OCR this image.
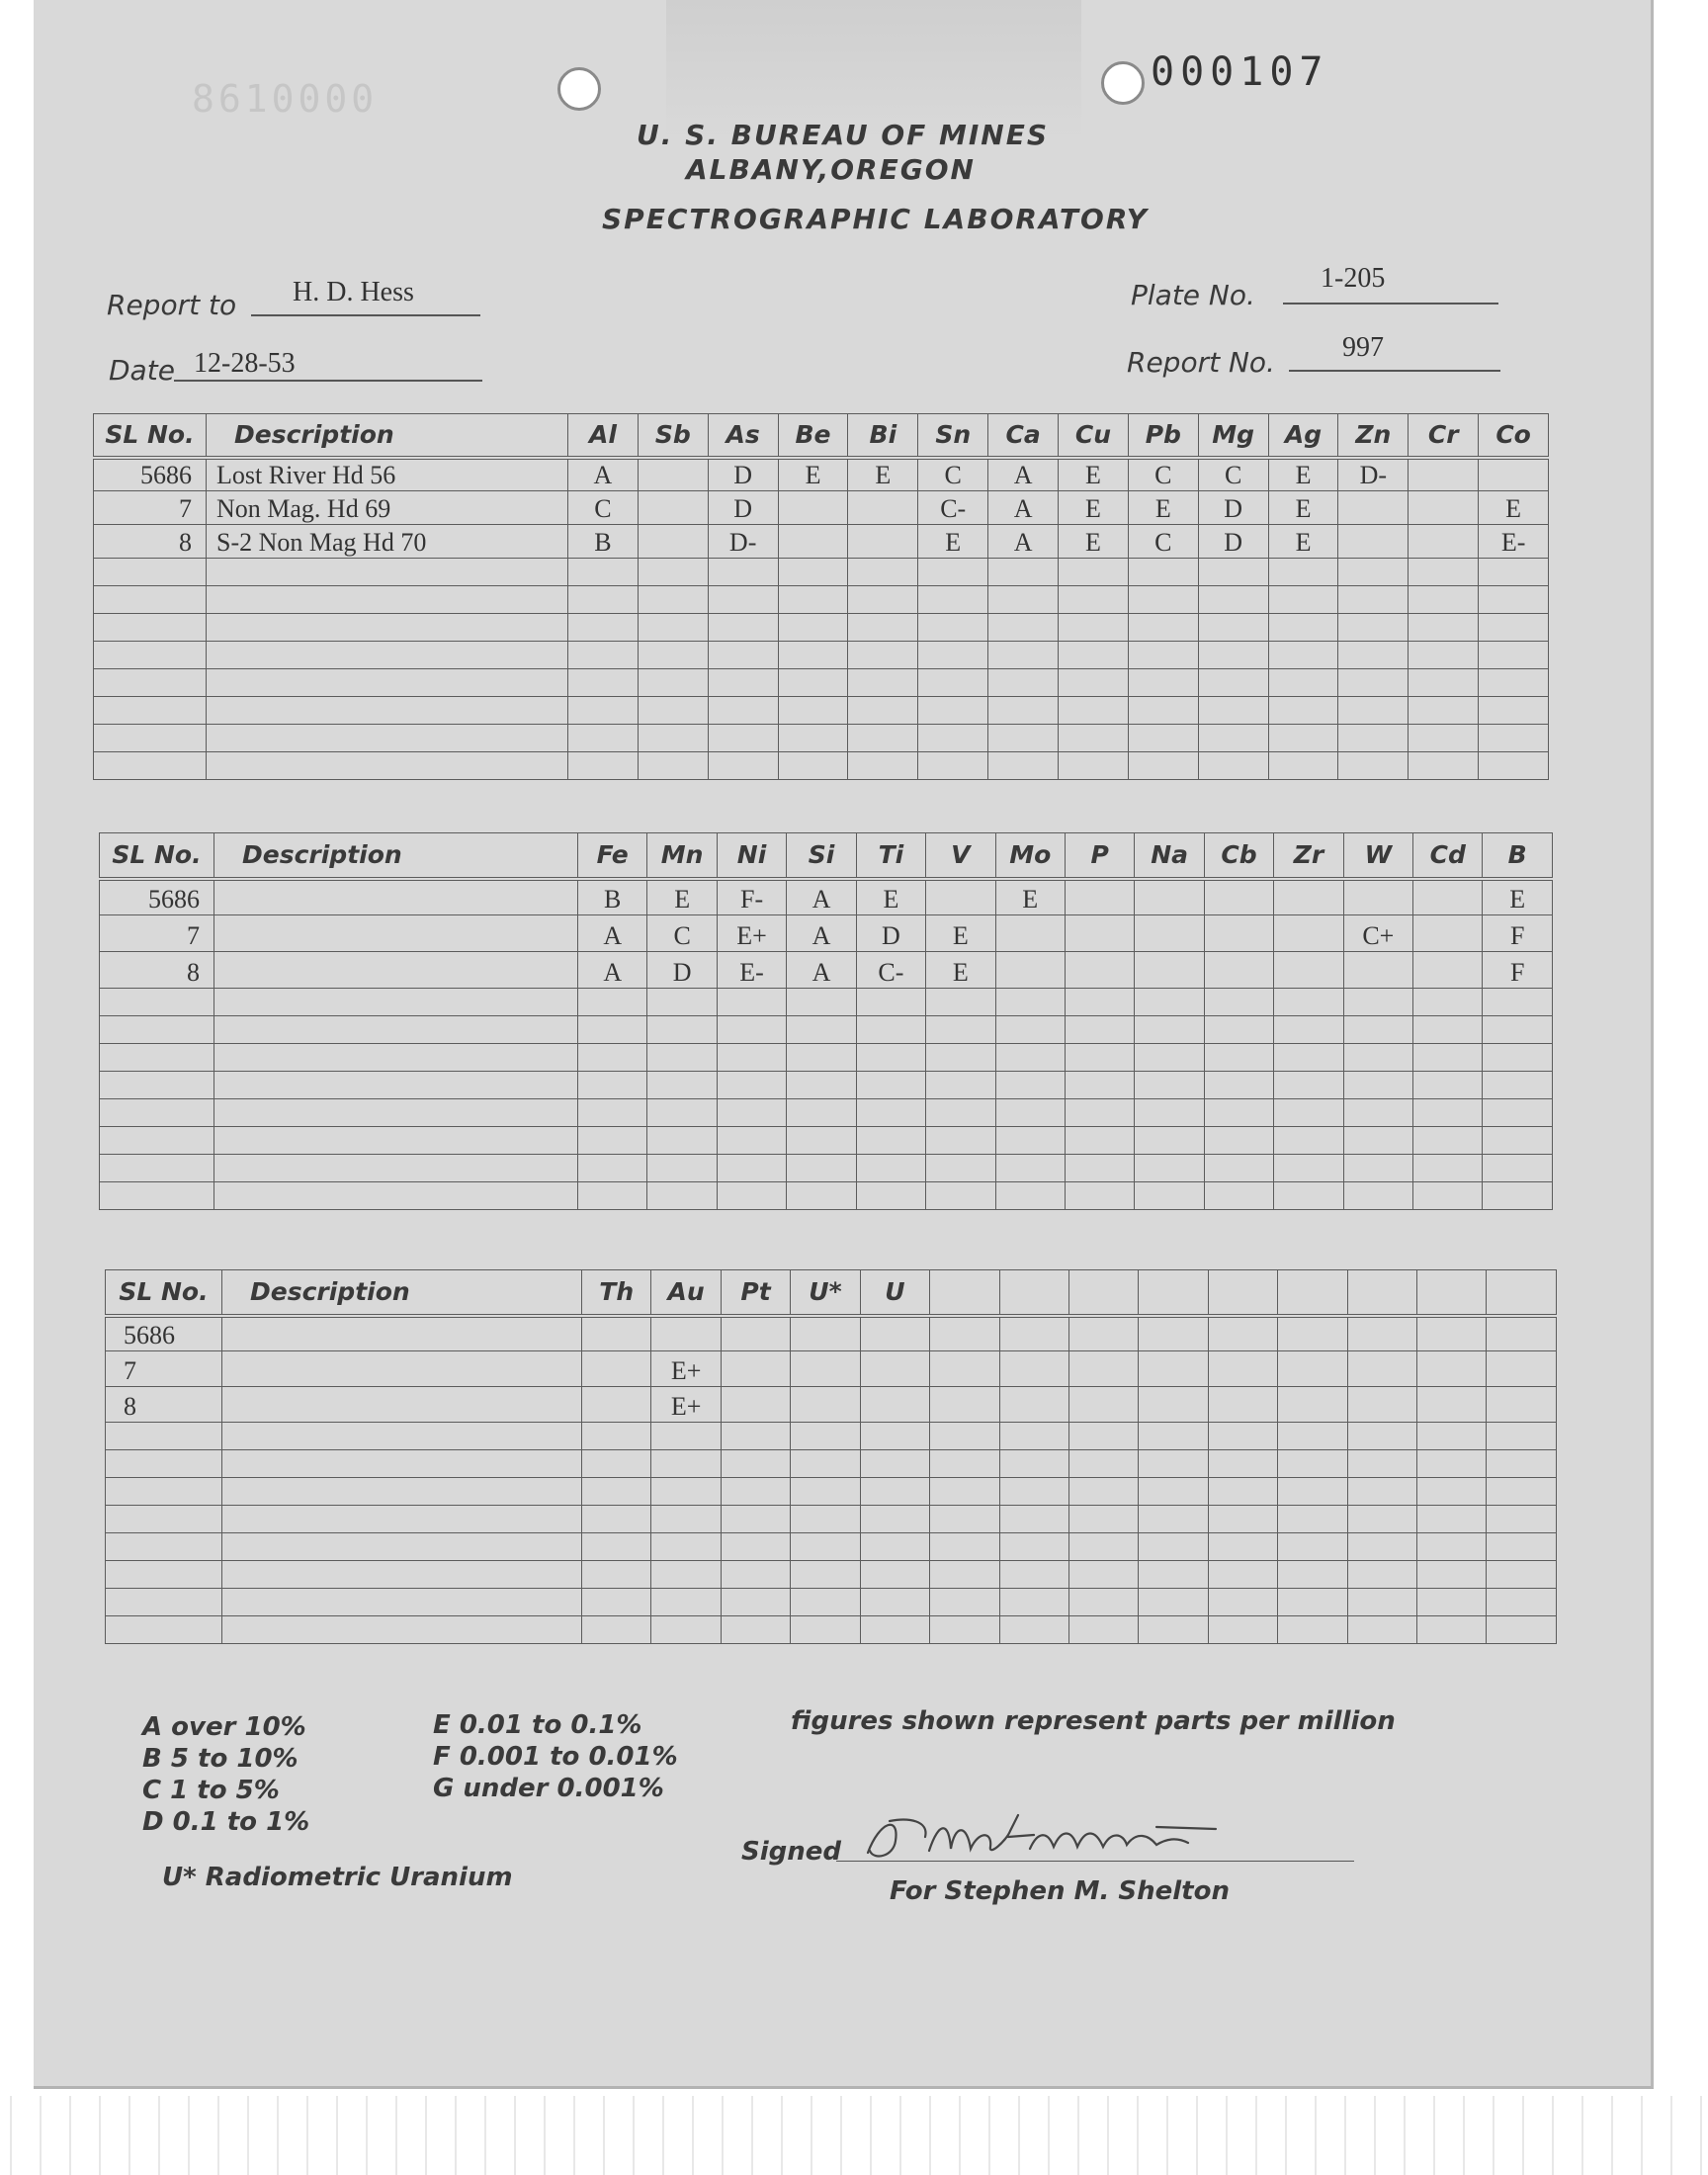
8610000
000107
U. S. BUREAU OF MINES
ALBANY,OREGON
SPECTROGRAPHIC LABORATORY
Report to H. D. Hess
Date 12-28-53
Plate No.
1-205
Report No. 997
SL No.	Description	Al	Sb	As	Be	Bi	Sn	Ca	Cu	Pb	Mg	Ag	Zn	Cr	Co
5686	Lost River Hd 56	A		D	E	E	C	A	E	C	C	E	D-		
7	Non Mag. Hd 69	C		D			C-	A	E	E	D	E			E
8	S-2 Non Mag Hd 70	B		D-			E	A	E	C	D	E			E-

SL No.	Description	Fe	Mn	Ni	Si	Ti	V	Mo	P	Na	Cb	Zr	W	Cd	B
5686		B	E	F-	A	E		E							E
7		A	C	E+	A	D	E						C+		F
8		A	D	E-	A	C-	E								F

SL No.	Description	Th	Au	Pt	U*	U									
5686															
7			E+												
8			E+												

A over 10%
B 5 to 10%
C 1 to 5%
D 0.1 to 1%
E 0.01 to 0.1%
F 0.001 to 0.01%
G under 0.001%
figures shown represent parts per million
U* Radiometric Uranium
Signed
For Stephen M. Shelton
